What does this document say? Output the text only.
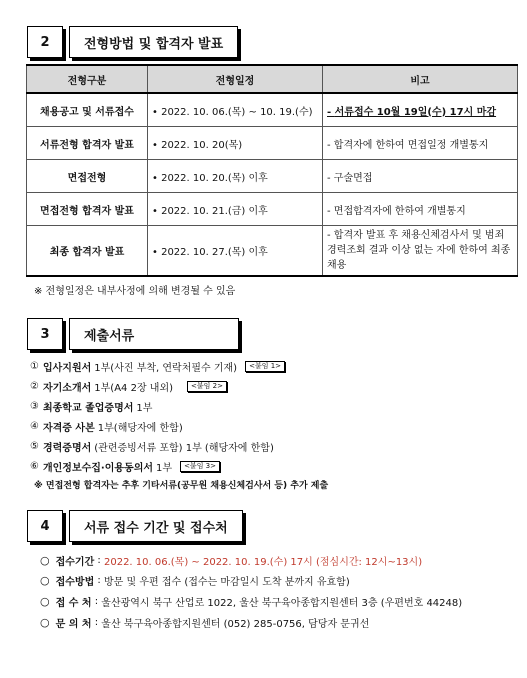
2	전형방법 및 합격자 발표
전형구분	전형일정	비고
채용공고 및 서류접수	• 2022. 10. 06.(목) ~ 10. 19.(수)	- 서류접수 10월 19일(수) 17시 마감
서류전형 합격자 발표	• 2022. 10. 20(목)	- 합격자에 한하여 면접일정 개별통지
면접전형	• 2022. 10. 20.(목) 이후	- 구술면접
면접전형 합격자 발표	• 2022. 10. 21.(금) 이후	- 면접합격자에 한하여 개별통지
최종 합격자 발표	• 2022. 10. 27.(목) 이후	- 합격자 발표 후 채용신체검사서 및 범죄경력조회 결과 이상 없는 자에 한하여 최종 채용
※ 전형일정은 내부사정에 의해 변경될 수 있음
3	제출서류
① 입사지원서 1부(사진 부착, 연락처필수 기재)	<붙임 1>
② 자기소개서 1부(A4 2장 내외)	<붙임 2>
③ 최종학교 졸업증명서 1부
④ 자격증 사본 1부(해당자에 한함)
⑤ 경력증명서 (관련증빙서류 포함) 1부 (해당자에 한함)
⑥ 개인정보수집·이용동의서 1부	<붙임 3>
※ 면접전형 합격자는 추후 기타서류(공무원 채용신체검사서 등) 추가 제출
4	서류 접수 기간 및 접수처
○ 접수기간 : 2022. 10. 06.(목) ~ 2022. 10. 19.(수) 17시 (점심시간: 12시~13시)
○ 접수방법 : 방문 및 우편 접수 (접수는 마감일시 도착 분까지 유효함)
○ 접 수 처 : 울산광역시 북구 산업로 1022, 울산 북구육아종합지원센터 3층 (우편번호 44248)
○ 문 의 처 : 울산 북구육아종합지원센터 (052) 285-0756, 담당자 문귀선
